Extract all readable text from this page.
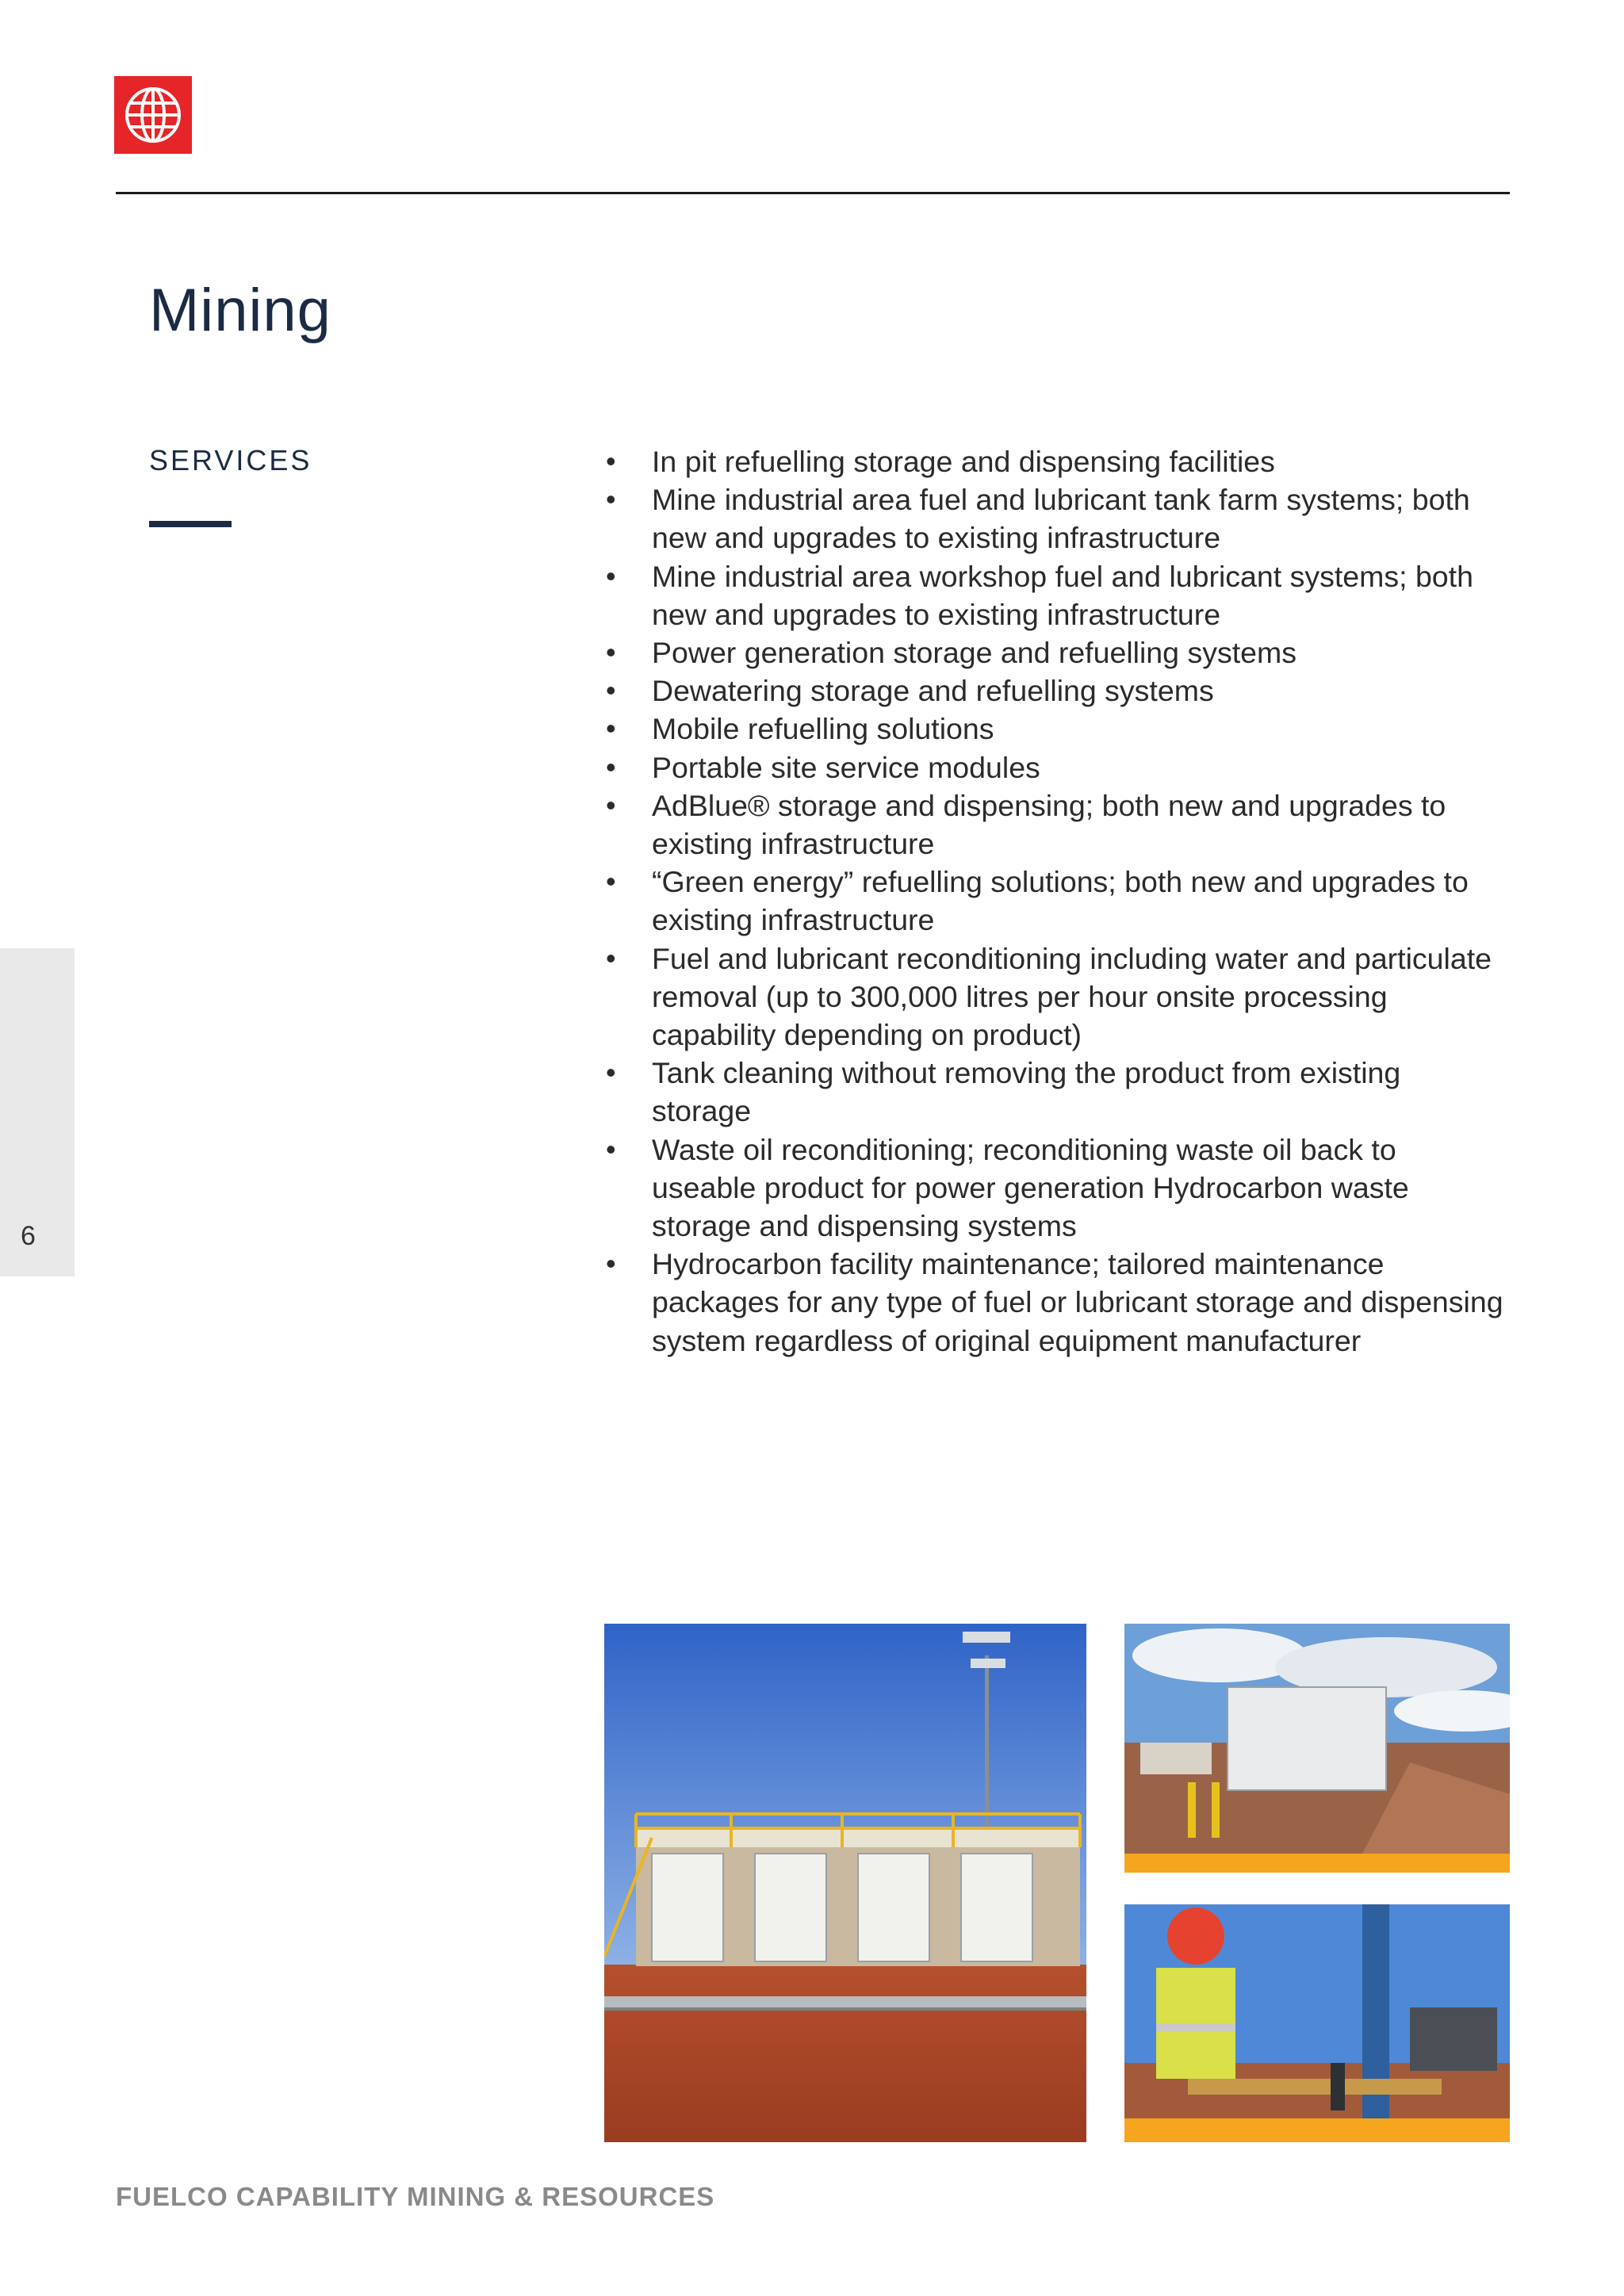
Mining
SERVICES	• In pit refuelling storage and dispensing facilities
• Mine industrial area fuel and lubricant tank farm systems; both new and upgrades to existing infrastructure
• Mine industrial area workshop fuel and lubricant systems; both new and upgrades to existing infrastructure
• Power generation storage and refuelling systems
• Dewatering storage and refuelling systems
• Mobile refuelling solutions
• Portable site service modules
• AdBlue® storage and dispensing; both new and upgrades to existing infrastructure
• “Green energy” refuelling solutions; both new and upgrades to existing infrastructure
• Fuel and lubricant reconditioning including water and particulate removal (up to 300,000 litres per hour onsite processing capability depending on product)
• Tank cleaning without removing the product from existing storage
• Waste oil reconditioning; reconditioning waste oil back to useable product for power generation Hydrocarbon waste storage and dispensing systems
• Hydrocarbon facility maintenance; tailored maintenance packages for any type of fuel or lubricant storage and dispensing system regardless of original equipment manufacturer
6
FUELCO CAPABILITY MINING & RESOURCES
